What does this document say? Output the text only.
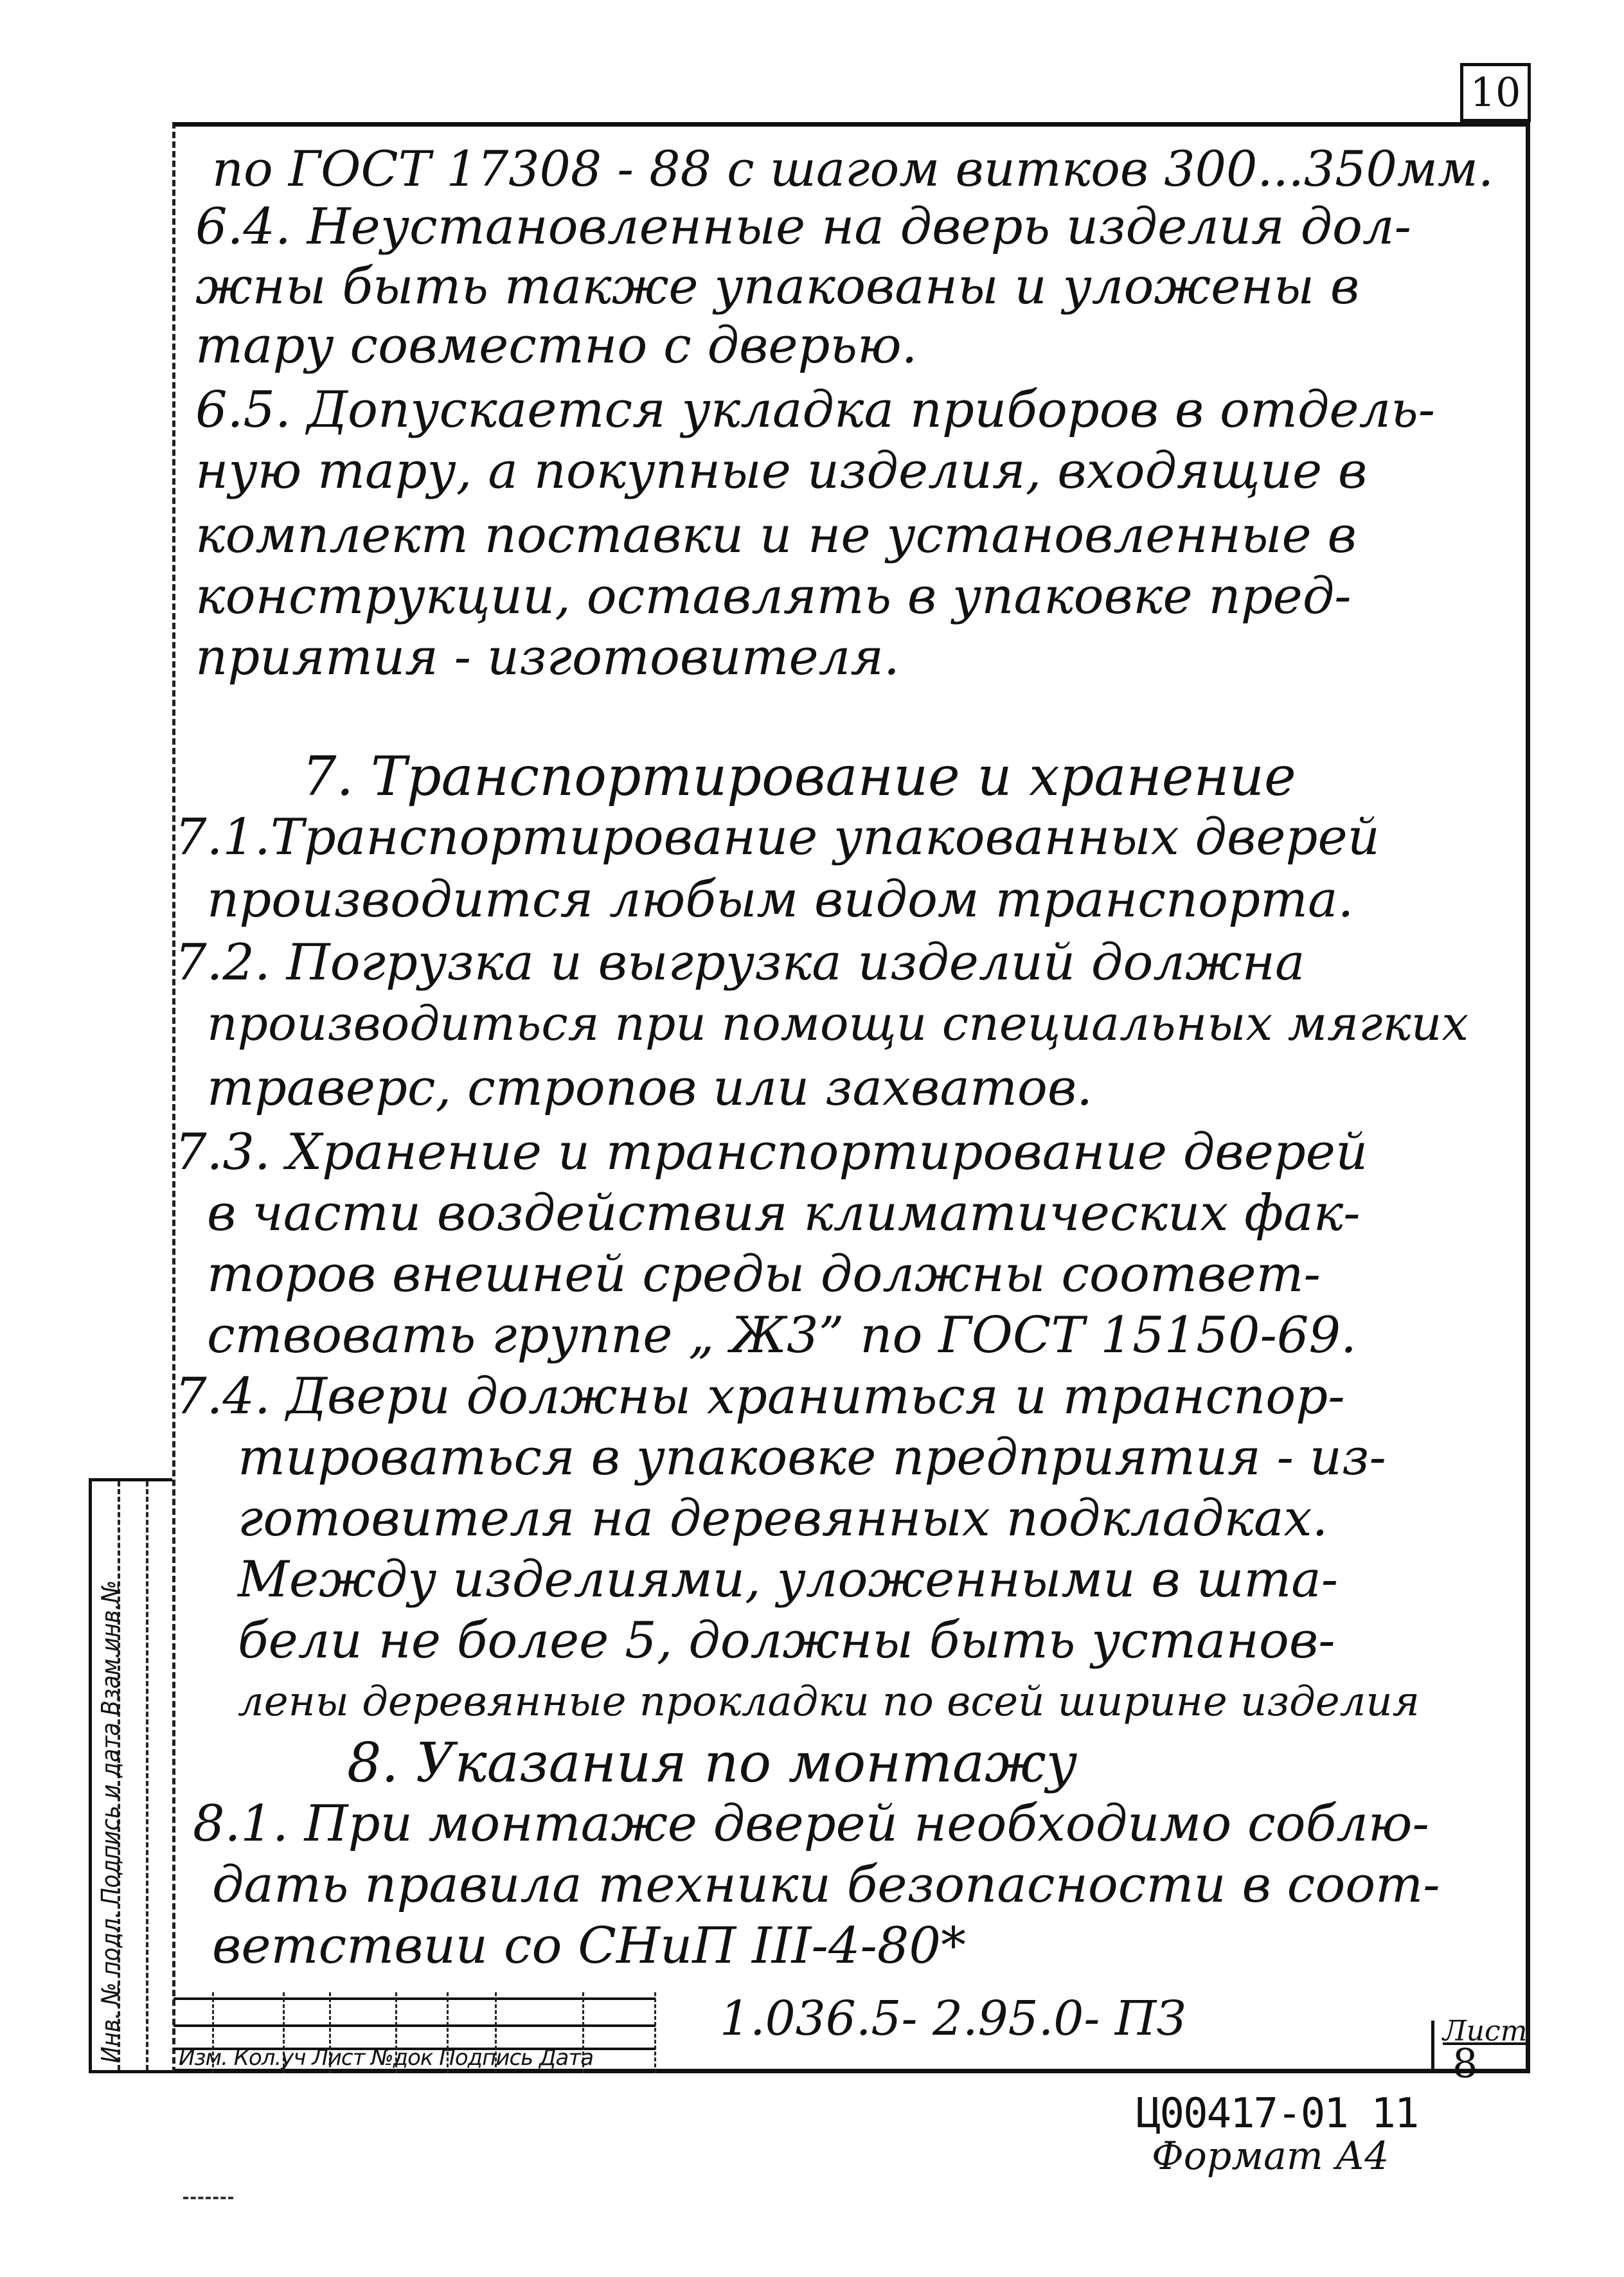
10
по ГОСТ 17308 - 88 с шагом витков 300...350мм.
6.4. Неустановленные на дверь изделия дол-
жны быть также упакованы и уложены в
тару совместно с дверью.
6.5. Допускается укладка приборов в отдель-
ную тару, а покупные изделия, входящие в
комплект поставки и не установленные в
конструкции, оставлять в упаковке пред-
приятия - изготовителя.
7. Транспортирование и хранение
7.1.Транспортирование упакованных дверей
производится любым видом транспорта.
7.2. Погрузка и выгрузка изделий должна
производиться при помощи специальных мягких
траверс, стропов или захватов.
7.3. Хранение и транспортирование дверей
в части воздействия климатических фак-
торов внешней среды должны соответ-
ствовать группе „ Ж3” по ГОСТ 15150-69.
7.4. Двери должны храниться и транспор-
тироваться в упаковке предприятия - из-
готовителя на деревянных подкладках.
Между изделиями, уложенными в шта-
бели не более 5, должны быть установ-
лены деревянные прокладки по всей ширине изделия
8. Указания по монтажу
8.1. При монтаже дверей необходимо соблю-
дать правила техники безопасности в соот-
ветствии со СНиП III-4-80*
Инв. № подл. Подпись и дата Взам.инв.№ Изм. Кол.уч Лист №док Подпись Дата
1.036.5- 2.95.0- ПЗ	Лист
8
Ц00417-01 11
Формат А4
